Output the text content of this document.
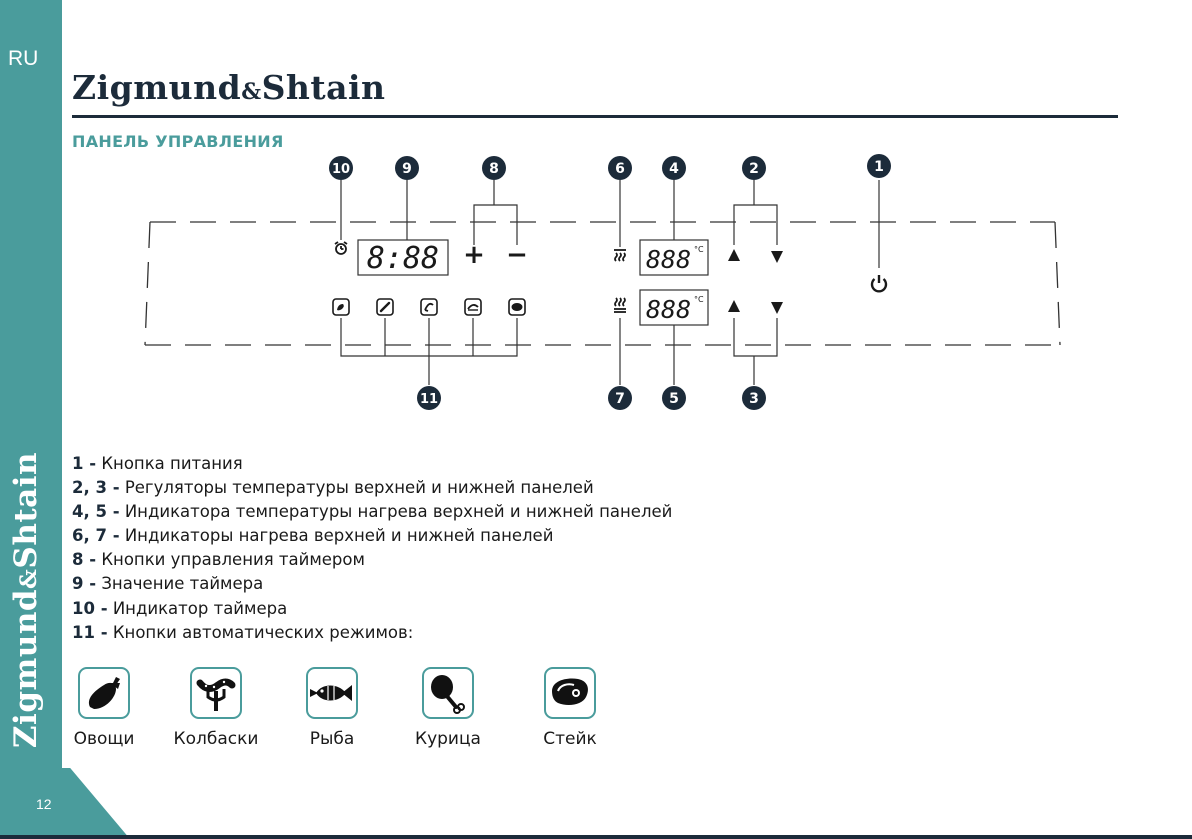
RU
Zigmund&Shtain
12
Zigmund&Shtain
ПАНЕЛЬ УПРАВЛЕНИЯ
10	9	8	6	4	2	1
11	7	5	3
8:88 + −	888 °C
888 °C
1 - Кнопка питания
2, 3 - Регуляторы температуры верхней и нижней панелей
4, 5 - Индикатора температуры нагрева верхней и нижней панелей
6, 7 - Индикаторы нагрева верхней и нижней панелей
8 - Кнопки управления таймером
9 - Значение таймера
10 - Индикатор таймера
11 - Кнопки автоматических режимов:
Овощи Колбаски	Рыба	Курица	Стейк
